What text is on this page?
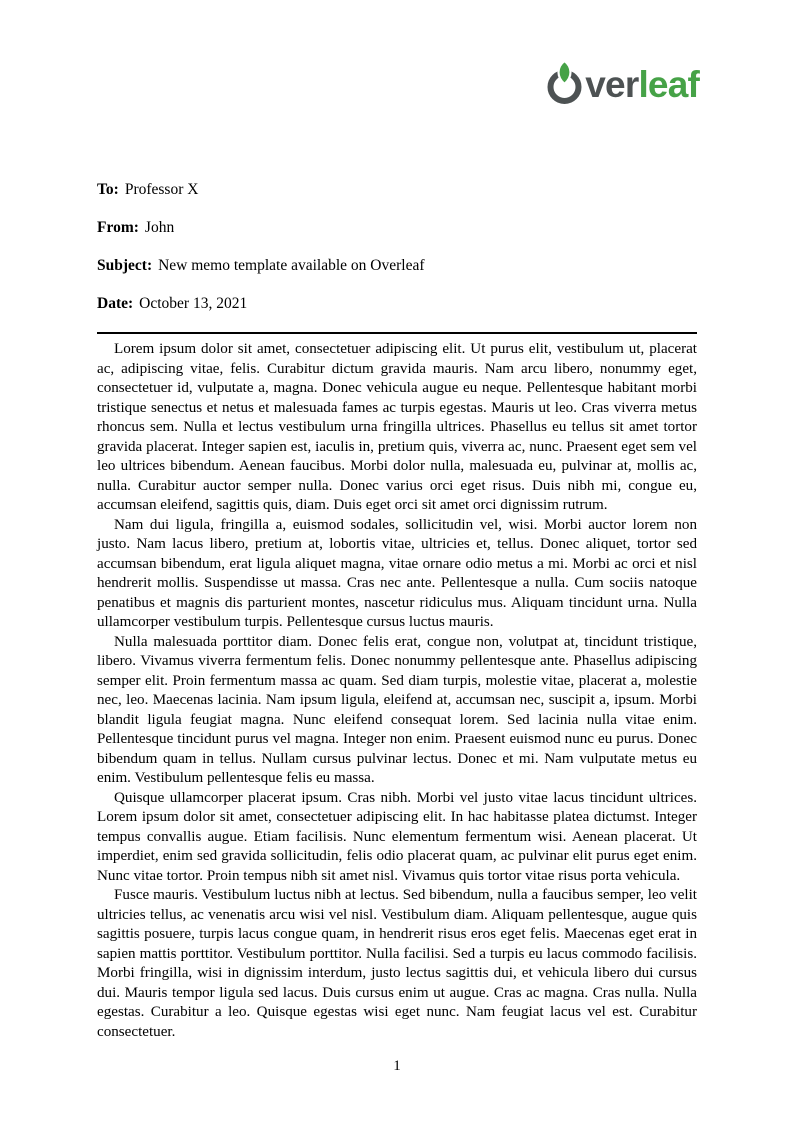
ver leaf

To: Professor X

From: John

Subject: New memo template available on Overleaf

Date: October 13, 2021

Lorem ipsum dolor sit amet, consectetuer adipiscing elit. Ut purus elit, vestibulum ut, placerat ac, adipiscing vitae, felis. Curabitur dictum gravida mauris. Nam arcu libero, nonummy eget, consectetuer id, vulputate a, magna. Donec vehicula augue eu neque. Pellentesque habitant morbi tristique senectus et netus et malesuada fames ac turpis egestas. Mauris ut leo. Cras viverra metus rhoncus sem. Nulla et lectus vestibulum urna fringilla ultrices. Phasellus eu tellus sit amet tortor gravida placerat. Integer sapien est, iaculis in, pretium quis, viverra ac, nunc. Praesent eget sem vel leo ultrices bibendum. Aenean faucibus. Morbi dolor nulla, malesuada eu, pulvinar at, mollis ac, nulla. Curabitur auctor semper nulla. Donec varius orci eget risus. Duis nibh mi, congue eu, accumsan eleifend, sagittis quis, diam. Duis eget orci sit amet orci dignissim rutrum.

Nam dui ligula, fringilla a, euismod sodales, sollicitudin vel, wisi. Morbi auctor lorem non justo. Nam lacus libero, pretium at, lobortis vitae, ultricies et, tellus. Donec aliquet, tortor sed accumsan bibendum, erat ligula aliquet magna, vitae ornare odio metus a mi. Morbi ac orci et nisl hendrerit mollis. Suspendisse ut massa. Cras nec ante. Pellentesque a nulla. Cum sociis natoque penatibus et magnis dis parturient montes, nascetur ridiculus mus. Aliquam tincidunt urna. Nulla ullamcorper vestibulum turpis. Pellentesque cursus luctus mauris.

Nulla malesuada porttitor diam. Donec felis erat, congue non, volutpat at, tincidunt tristique, libero. Vivamus viverra fermentum felis. Donec nonummy pellentesque ante. Phasellus adipiscing semper elit. Proin fermentum massa ac quam. Sed diam turpis, molestie vitae, placerat a, molestie nec, leo. Maecenas lacinia. Nam ipsum ligula, eleifend at, accumsan nec, suscipit a, ipsum. Morbi blandit ligula feugiat magna. Nunc eleifend consequat lorem. Sed lacinia nulla vitae enim. Pellentesque tincidunt purus vel magna. Integer non enim. Praesent euismod nunc eu purus. Donec bibendum quam in tellus. Nullam cursus pulvinar lectus. Donec et mi. Nam vulputate metus eu enim. Vestibulum pellentesque felis eu massa.

Quisque ullamcorper placerat ipsum. Cras nibh. Morbi vel justo vitae lacus tincidunt ultrices. Lorem ipsum dolor sit amet, consectetuer adipiscing elit. In hac habitasse platea dictumst. Integer tempus convallis augue. Etiam facilisis. Nunc elementum fermentum wisi. Aenean placerat. Ut imperdiet, enim sed gravida sollicitudin, felis odio placerat quam, ac pulvinar elit purus eget enim. Nunc vitae tortor. Proin tempus nibh sit amet nisl. Vivamus quis tortor vitae risus porta vehicula.

Fusce mauris. Vestibulum luctus nibh at lectus. Sed bibendum, nulla a faucibus semper, leo velit ultricies tellus, ac venenatis arcu wisi vel nisl. Vestibulum diam. Aliquam pellentesque, augue quis sagittis posuere, turpis lacus congue quam, in hendrerit risus eros eget felis. Maecenas eget erat in sapien mattis porttitor. Vestibulum porttitor. Nulla facilisi. Sed a turpis eu lacus commodo facilisis. Morbi fringilla, wisi in dignissim interdum, justo lectus sagittis dui, et vehicula libero dui cursus dui. Mauris tempor ligula sed lacus. Duis cursus enim ut augue. Cras ac magna. Cras nulla. Nulla egestas. Curabitur a leo. Quisque egestas wisi eget nunc. Nam feugiat lacus vel est. Curabitur consectetuer.

1
